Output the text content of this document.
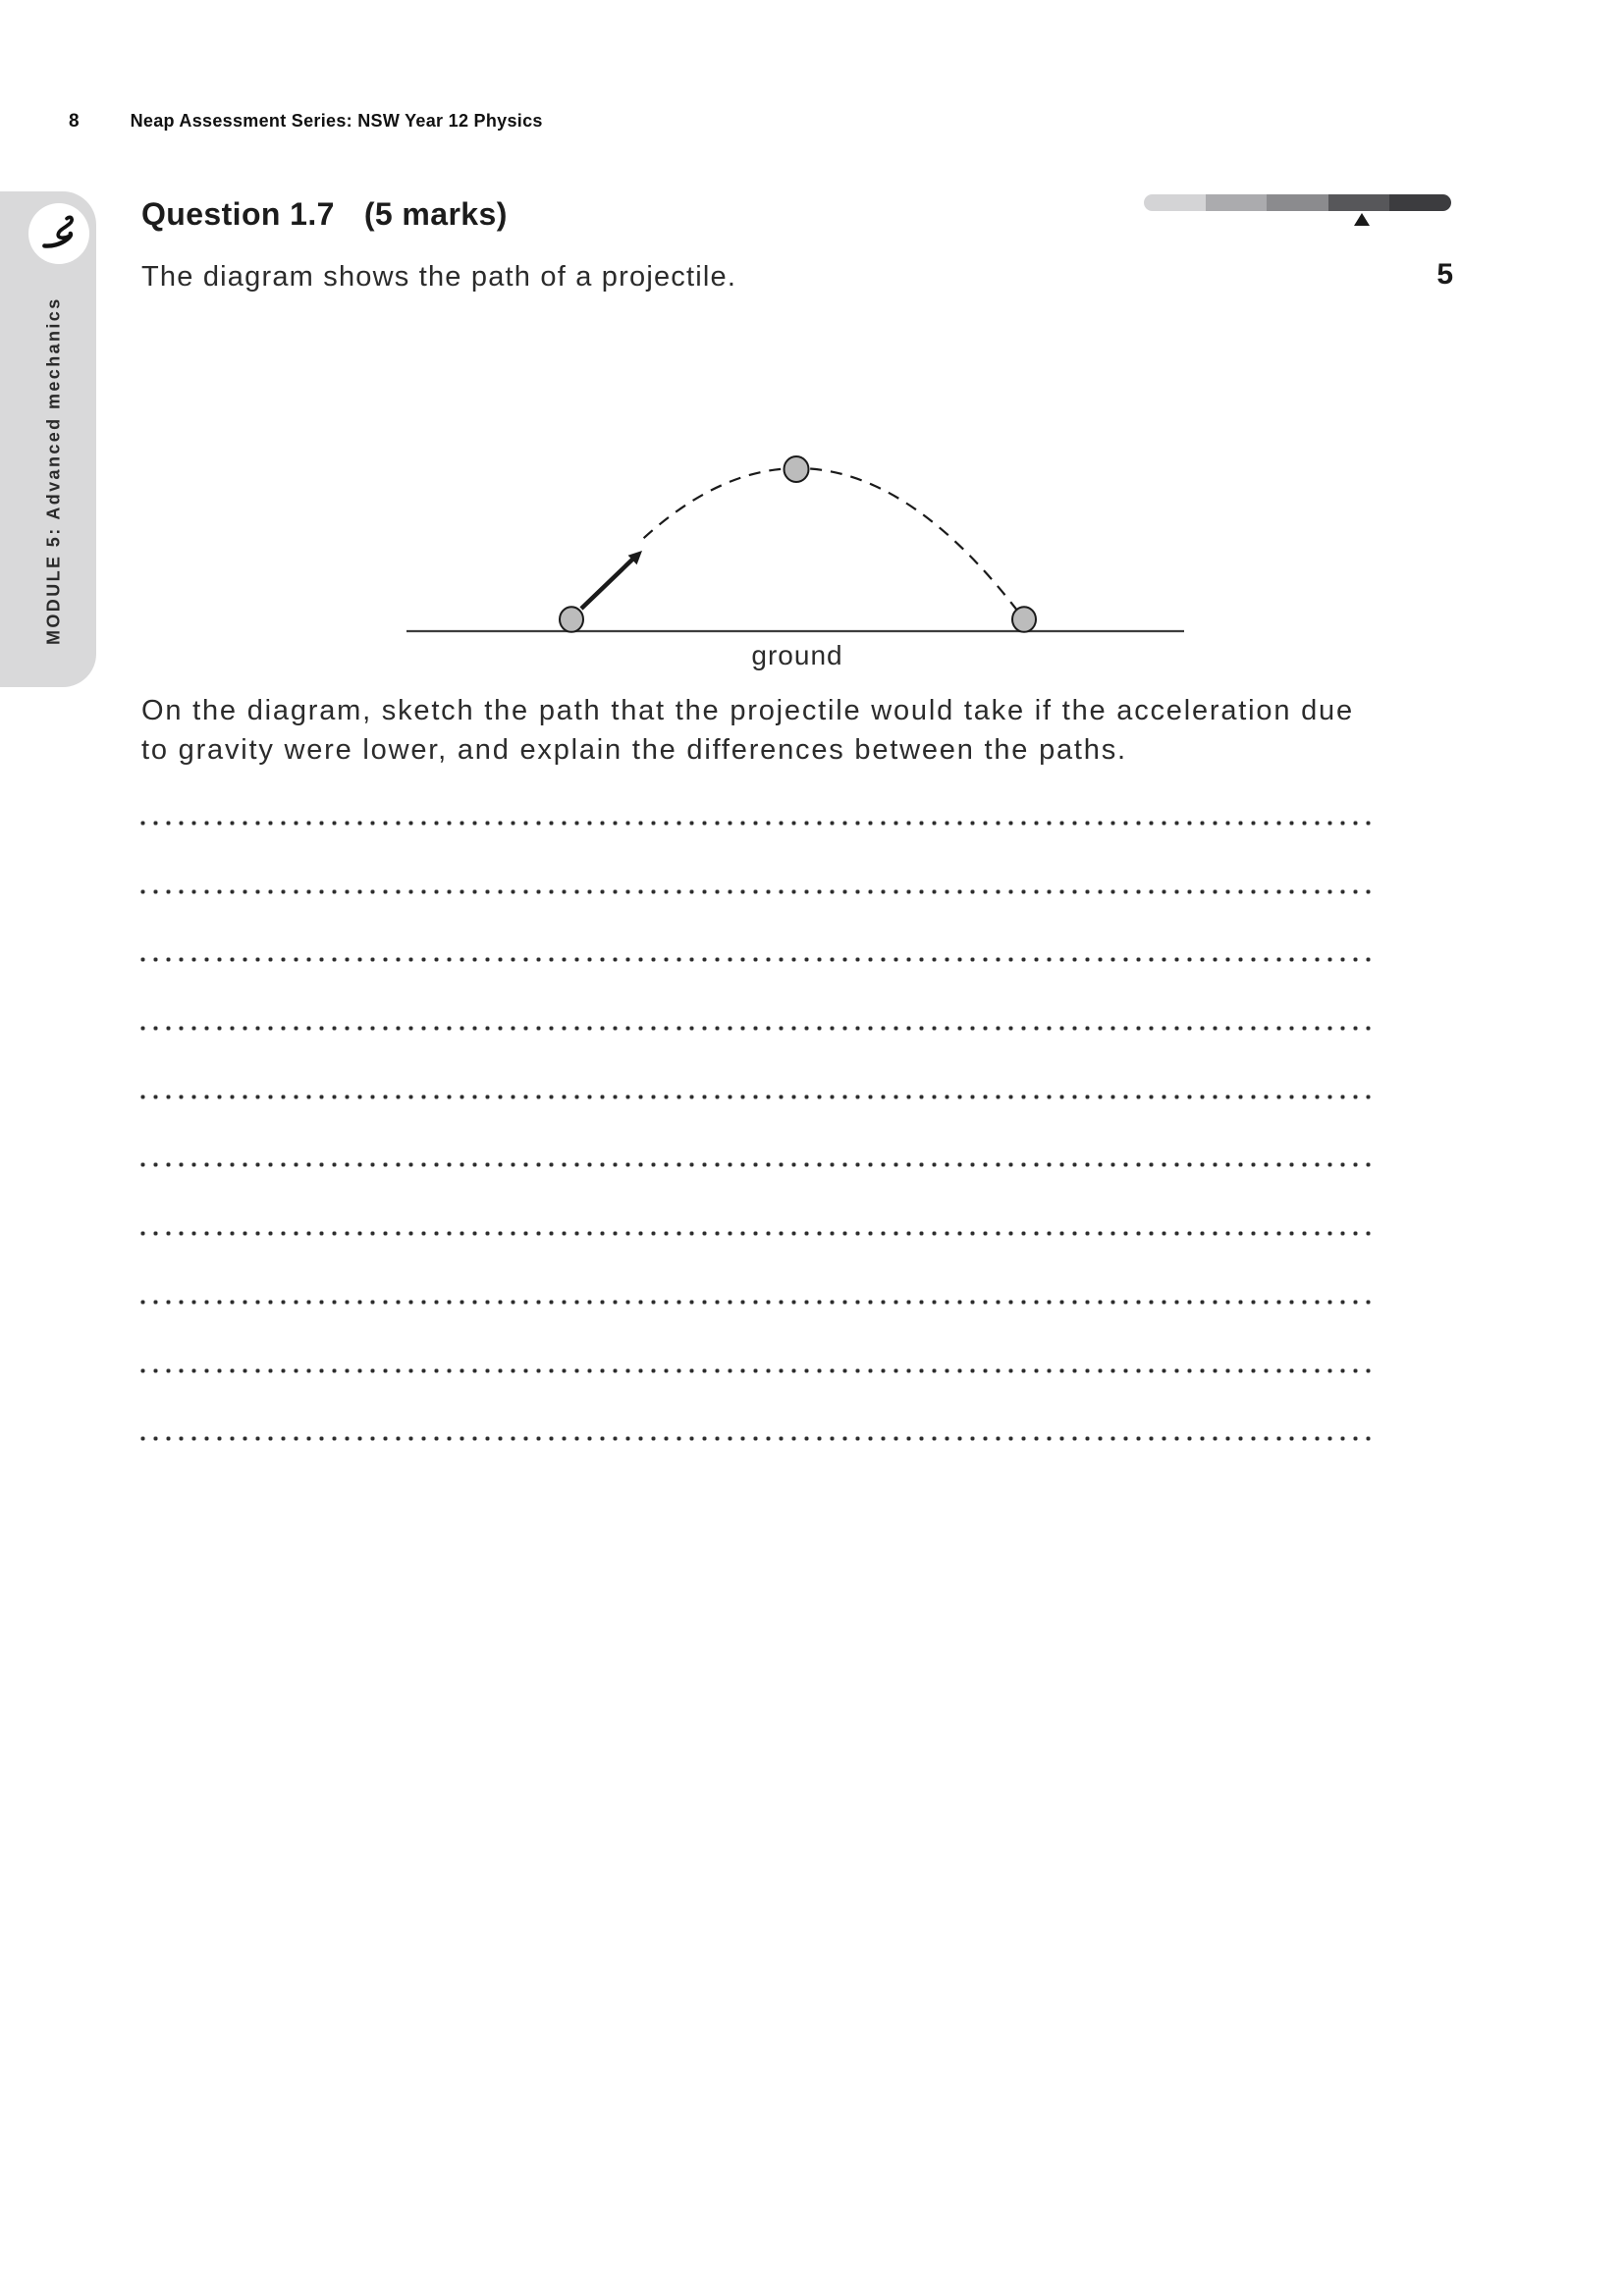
8	Neap Assessment Series: NSW Year 12 Physics
MODULE 5: Advanced mechanics
Question 1.7 (5 marks)
The diagram shows the path of a projectile.	5
ground
On the diagram, sketch the path that the projectile would take if the acceleration due to gravity were lower, and explain the differences between the paths.
